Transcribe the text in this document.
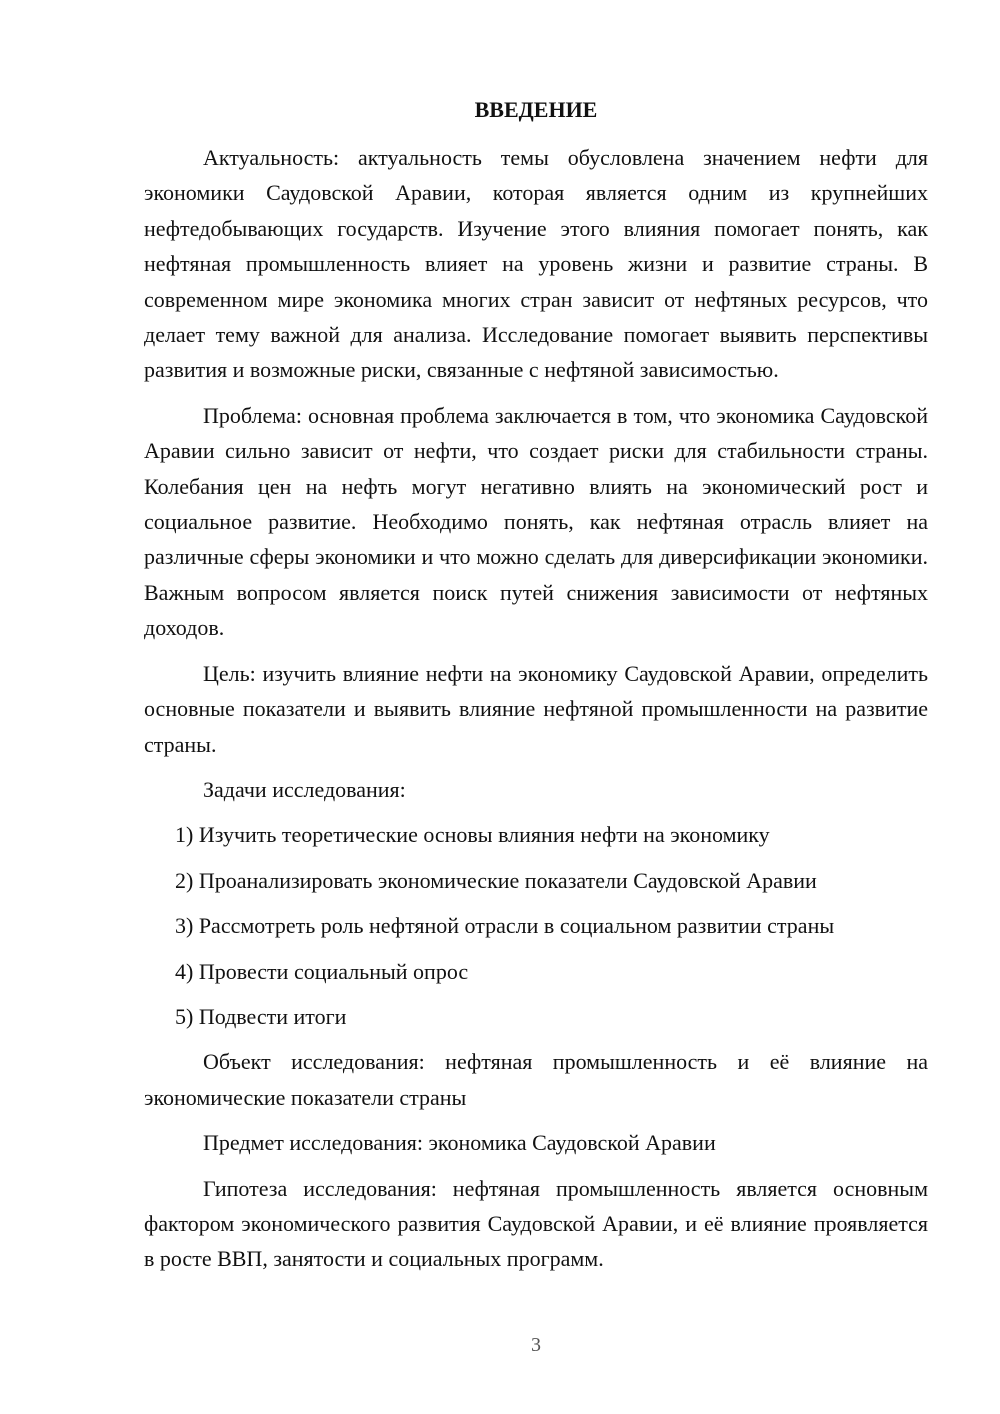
ВВЕДЕНИЕ

Актуальность: актуальность темы обусловлена значением нефти для экономики Саудовской Аравии, которая является одним из крупнейших нефтедобывающих государств. Изучение этого влияния помогает понять, как нефтяная промышленность влияет на уровень жизни и развитие страны. В современном мире экономика многих стран зависит от нефтяных ресурсов, что делает тему важной для анализа. Исследование помогает выявить перспективы развития и возможные риски, связанные с нефтяной зависимостью.

Проблема: основная проблема заключается в том, что экономика Саудовской Аравии сильно зависит от нефти, что создает риски для стабильности страны. Колебания цен на нефть могут негативно влиять на экономический рост и социальное развитие. Необходимо понять, как нефтяная отрасль влияет на различные сферы экономики и что можно сделать для диверсификации экономики. Важным вопросом является поиск путей снижения зависимости от нефтяных доходов.

Цель: изучить влияние нефти на экономику Саудовской Аравии, определить основные показатели и выявить влияние нефтяной промышленности на развитие страны.

Задачи исследования:

1) Изучить теоретические основы влияния нефти на экономику
2) Проанализировать экономические показатели Саудовской Аравии
3) Рассмотреть роль нефтяной отрасли в социальном развитии страны
4) Провести социальный опрос
5) Подвести итоги

Объект исследования: нефтяная промышленность и её влияние на экономические показатели страны

Предмет исследования: экономика Саудовской Аравии

Гипотеза исследования: нефтяная промышленность является основным фактором экономического развития Саудовской Аравии, и её влияние проявляется в росте ВВП, занятости и социальных программ.

3
